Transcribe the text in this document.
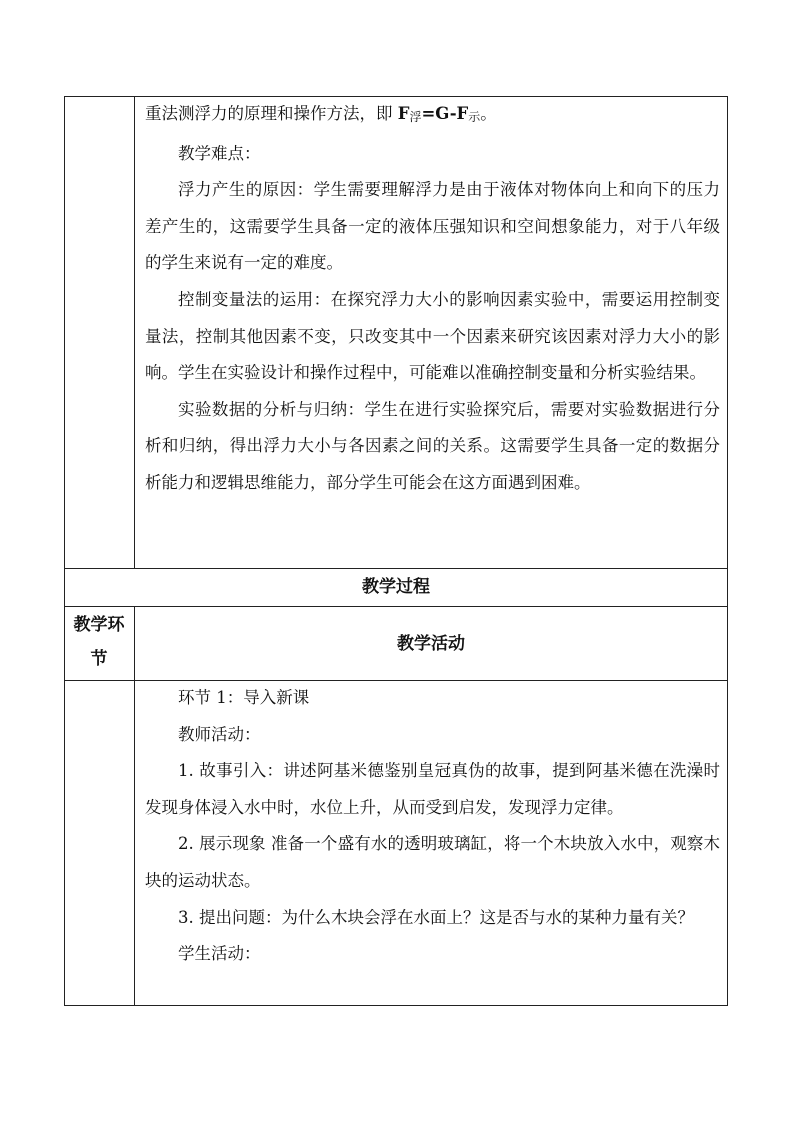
重法测浮力的原理和操作方法，即 F浮=G-F示。

教学难点：

浮力产生的原因：学生需要理解浮力是由于液体对物体向上和向下的压力差产生的，这需要学生具备一定的液体压强知识和空间想象能力，对于八年级的学生来说有一定的难度。

控制变量法的运用：在探究浮力大小的影响因素实验中，需要运用控制变量法，控制其他因素不变，只改变其中一个因素来研究该因素对浮力大小的影响。学生在实验设计和操作过程中，可能难以准确控制变量和分析实验结果。

实验数据的分析与归纳：学生在进行实验探究后，需要对实验数据进行分析和归纳，得出浮力大小与各因素之间的关系。这需要学生具备一定的数据分析能力和逻辑思维能力，部分学生可能会在这方面遇到困难。

教学过程
教学环节
教学活动

环节 1：导入新课

教师活动：

1. 故事引入：讲述阿基米德鉴别皇冠真伪的故事，提到阿基米德在洗澡时发现身体浸入水中时，水位上升，从而受到启发，发现浮力定律。

2. 展示现象 准备一个盛有水的透明玻璃缸，将一个木块放入水中，观察木块的运动状态。

3. 提出问题：为什么木块会浮在水面上？这是否与水的某种力量有关？

学生活动：
